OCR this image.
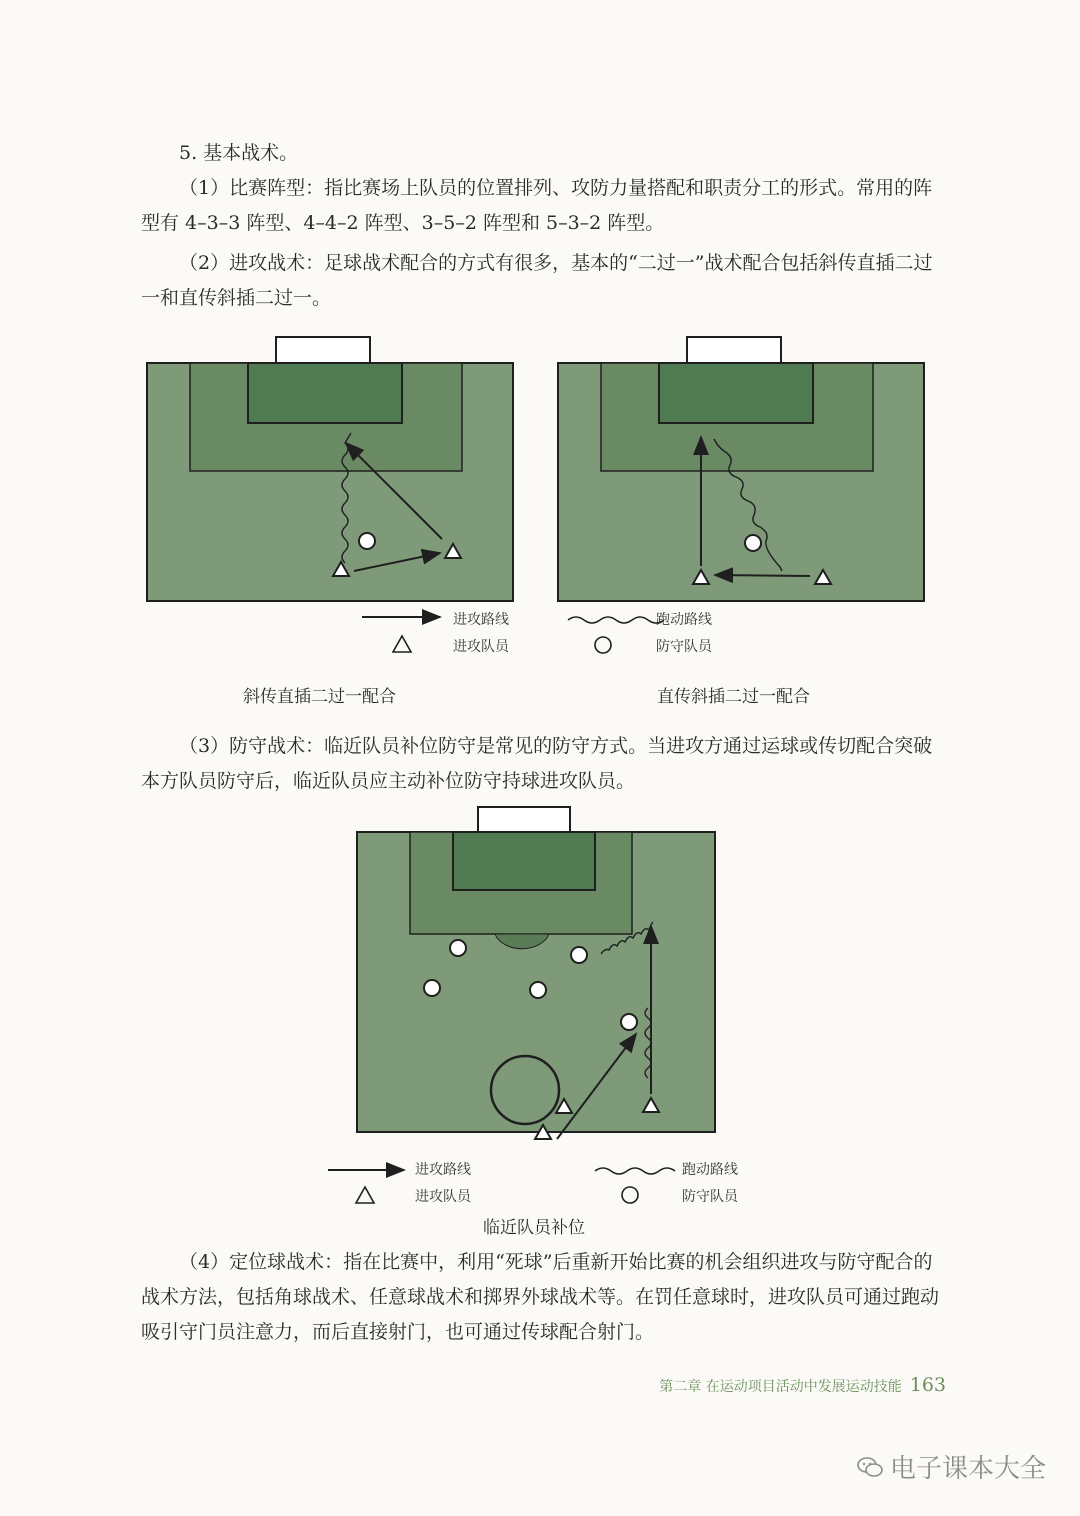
5. 基本战术。

（1）比赛阵型：指比赛场上队员的位置排列、攻防力量搭配和职责分工的形式。常用的阵型有 4–3–3 阵型、4–4–2 阵型、3–5–2 阵型和 5–3–2 阵型。

（2）进攻战术：足球战术配合的方式有很多，基本的“二过一”战术配合包括斜传直插二过一和直传斜插二过一。

进攻路线
进攻队员
跑动路线
防守队员
斜传直插二过一配合	直传斜插二过一配合

（3）防守战术：临近队员补位防守是常见的防守方式。当进攻方通过运球或传切配合突破本方队员防守后，临近队员应主动补位防守持球进攻队员。

进攻路线
进攻队员
跑动路线
防守队员
临近队员补位

（4）定位球战术：指在比赛中，利用“死球”后重新开始比赛的机会组织进攻与防守配合的战术方法，包括角球战术、任意球战术和掷界外球战术等。在罚任意球时，进攻队员可通过跑动吸引守门员注意力，而后直接射门，也可通过传球配合射门。

第二章 在运动项目活动中发展运动技能 163
电子课本大全
